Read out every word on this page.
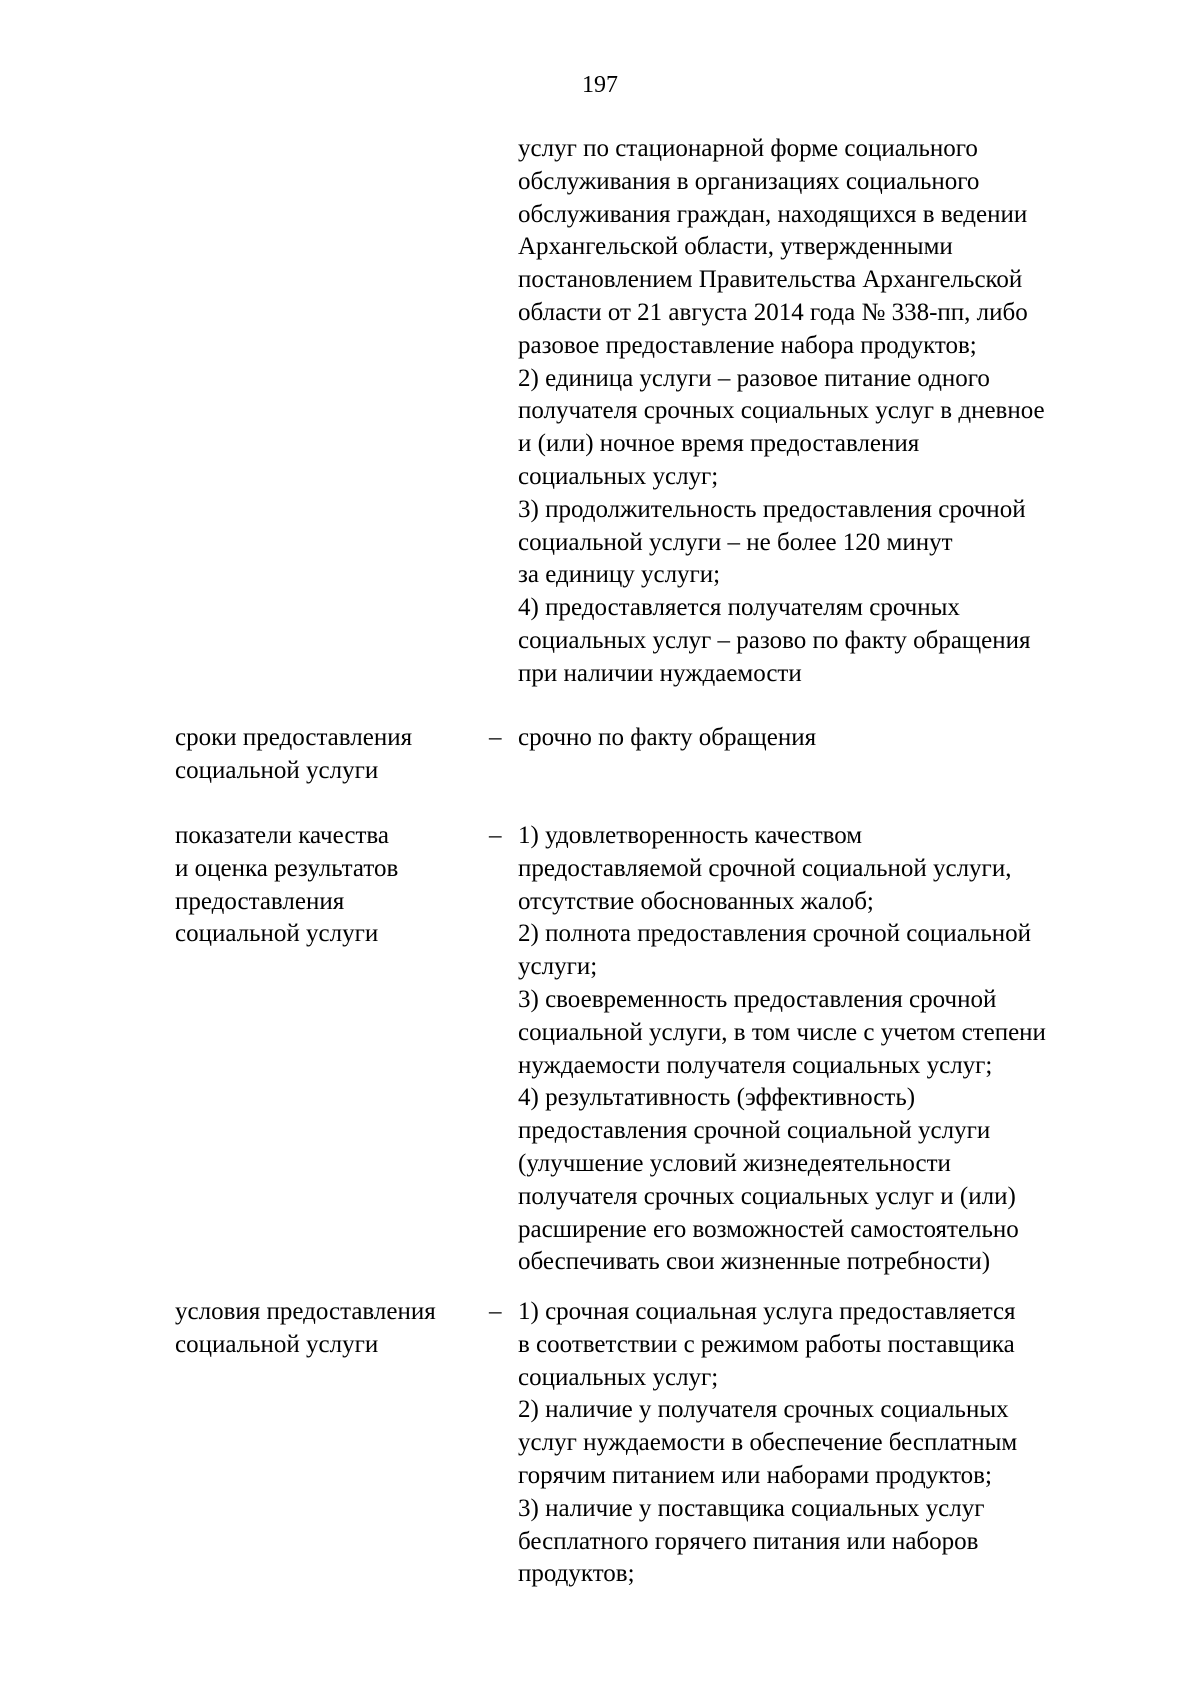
197
услуг по стационарной форме социального
обслуживания в организациях социального
обслуживания граждан, находящихся в ведении
Архангельской области, утвержденными
постановлением Правительства Архангельской
области от 21 августа 2014 года № 338-пп, либо
разовое предоставление набора продуктов;
2) единица услуги – разовое питание одного
получателя срочных социальных услуг в дневное
и (или) ночное время предоставления
социальных услуг;
3) продолжительность предоставления срочной
социальной услуги – не более 120 минут
за единицу услуги;
4) предоставляется получателям срочных
социальных услуг – разово по факту обращения
при наличии нуждаемости
сроки предоставления
социальной услуги
– срочно по факту обращения
показатели качества
и оценка результатов
предоставления
социальной услуги
– 1) удовлетворенность качеством
предоставляемой срочной социальной услуги,
отсутствие обоснованных жалоб;
2) полнота предоставления срочной социальной
услуги;
3) своевременность предоставления срочной
социальной услуги, в том числе с учетом степени
нуждаемости получателя социальных услуг;
4) результативность (эффективность)
предоставления срочной социальной услуги
(улучшение условий жизнедеятельности
получателя срочных социальных услуг и (или)
расширение его возможностей самостоятельно
обеспечивать свои жизненные потребности)
условия предоставления
социальной услуги
– 1) срочная социальная услуга предоставляется
в соответствии с режимом работы поставщика
социальных услуг;
2) наличие у получателя срочных социальных
услуг нуждаемости в обеспечение бесплатным
горячим питанием или наборами продуктов;
3) наличие у поставщика социальных услуг
бесплатного горячего питания или наборов
продуктов;
